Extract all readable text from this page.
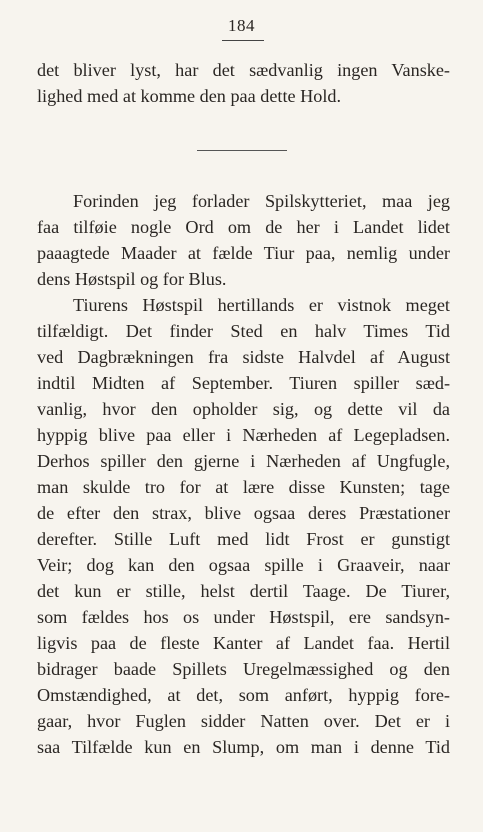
184
det bliver lyst, har det sædvanlig ingen Vanske-
lighed med at komme den paa dette Hold.
Forinden jeg forlader Spilskytteriet, maa jeg
faa tilføie nogle Ord om de her i Landet lidet
paaagtede Maader at fælde Tiur paa, nemlig under
dens Høstspil og for Blus.
Tiurens Høstspil hertillands er vistnok meget
tilfældigt. Det finder Sted en halv Times Tid
ved Dagbrækningen fra sidste Halvdel af August
indtil Midten af September. Tiuren spiller sæd-
vanlig, hvor den opholder sig, og dette vil da
hyppig blive paa eller i Nærheden af Legepladsen.
Derhos spiller den gjerne i Nærheden af Ungfugle,
man skulde tro for at lære disse Kunsten; tage
de efter den strax, blive ogsaa deres Præstationer
derefter. Stille Luft med lidt Frost er gunstigt
Veir; dog kan den ogsaa spille i Graaveir, naar
det kun er stille, helst dertil Taage. De Tiurer,
som fældes hos os under Høstspil, ere sandsyn-
ligvis paa de fleste Kanter af Landet faa. Hertil
bidrager baade Spillets Uregelmæssighed og den
Omstændighed, at det, som anført, hyppig fore-
gaar, hvor Fuglen sidder Natten over. Det er i
saa Tilfælde kun en Slump, om man i denne Tid
